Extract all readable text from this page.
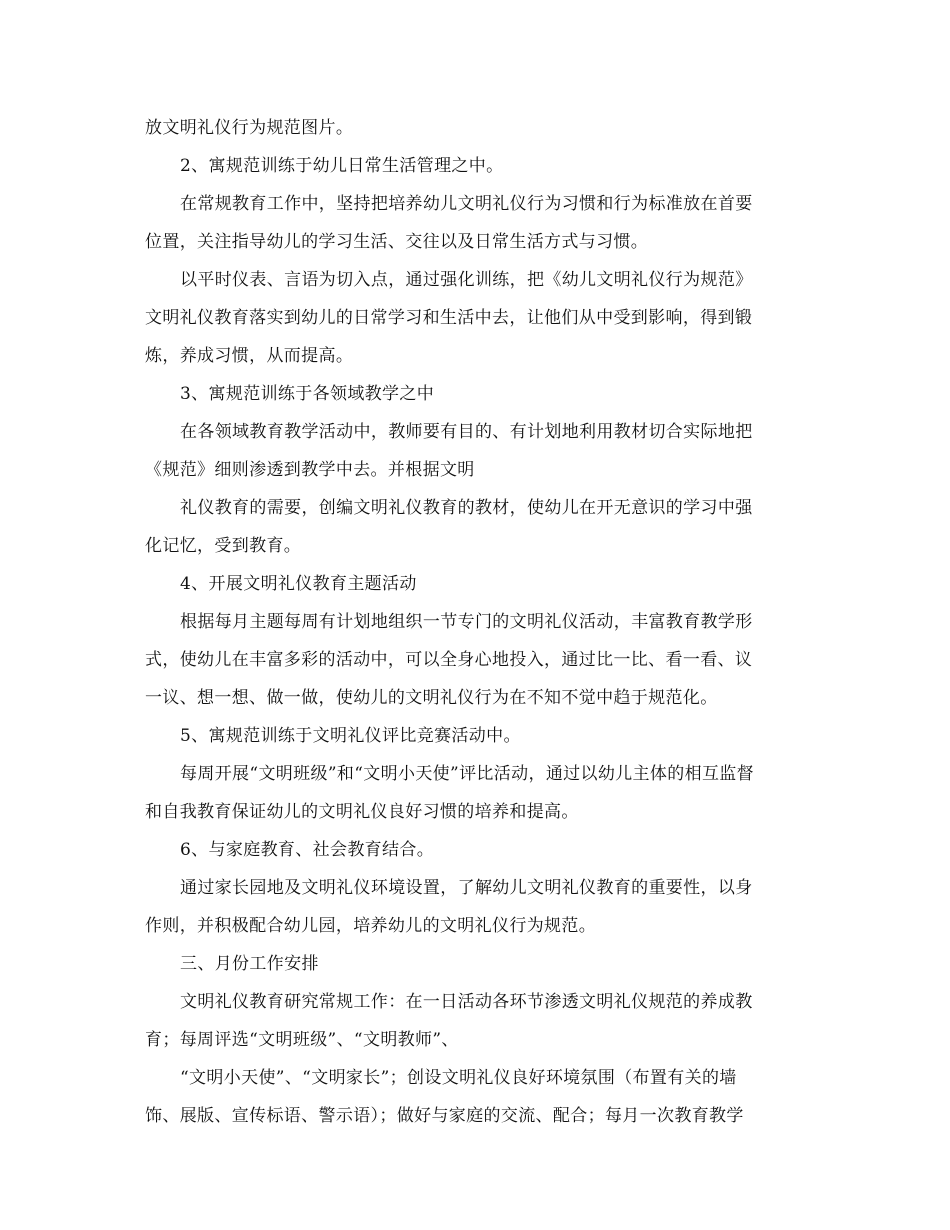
放文明礼仪行为规范图片。
2、寓规范训练于幼儿日常生活管理之中。
在常规教育工作中，坚持把培养幼儿文明礼仪行为习惯和行为标准放在首要
位置，关注指导幼儿的学习生活、交往以及日常生活方式与习惯。
以平时仪表、言语为切入点，通过强化训练，把《幼儿文明礼仪行为规范》
文明礼仪教育落实到幼儿的日常学习和生活中去，让他们从中受到影响，得到锻
炼，养成习惯，从而提高。
3、寓规范训练于各领域教学之中
在各领域教育教学活动中，教师要有目的、有计划地利用教材切合实际地把
《规范》细则渗透到教学中去。并根据文明
礼仪教育的需要，创编文明礼仪教育的教材，使幼儿在开无意识的学习中强
化记忆，受到教育。
4、开展文明礼仪教育主题活动
根据每月主题每周有计划地组织一节专门的文明礼仪活动，丰富教育教学形
式，使幼儿在丰富多彩的活动中，可以全身心地投入，通过比一比、看一看、议
一议、想一想、做一做，使幼儿的文明礼仪行为在不知不觉中趋于规范化。
5、寓规范训练于文明礼仪评比竞赛活动中。
每周开展“文明班级”和“文明小天使”评比活动，通过以幼儿主体的相互监督
和自我教育保证幼儿的文明礼仪良好习惯的培养和提高。
6、与家庭教育、社会教育结合。
通过家长园地及文明礼仪环境设置，了解幼儿文明礼仪教育的重要性，以身
作则，并积极配合幼儿园，培养幼儿的文明礼仪行为规范。
三、月份工作安排
文明礼仪教育研究常规工作：在一日活动各环节渗透文明礼仪规范的养成教
育；每周评选“文明班级”、“文明教师”、
“文明小天使”、“文明家长”；创设文明礼仪良好环境氛围（布置有关的墙
饰、展版、宣传标语、警示语）；做好与家庭的交流、配合；每月一次教育教学
